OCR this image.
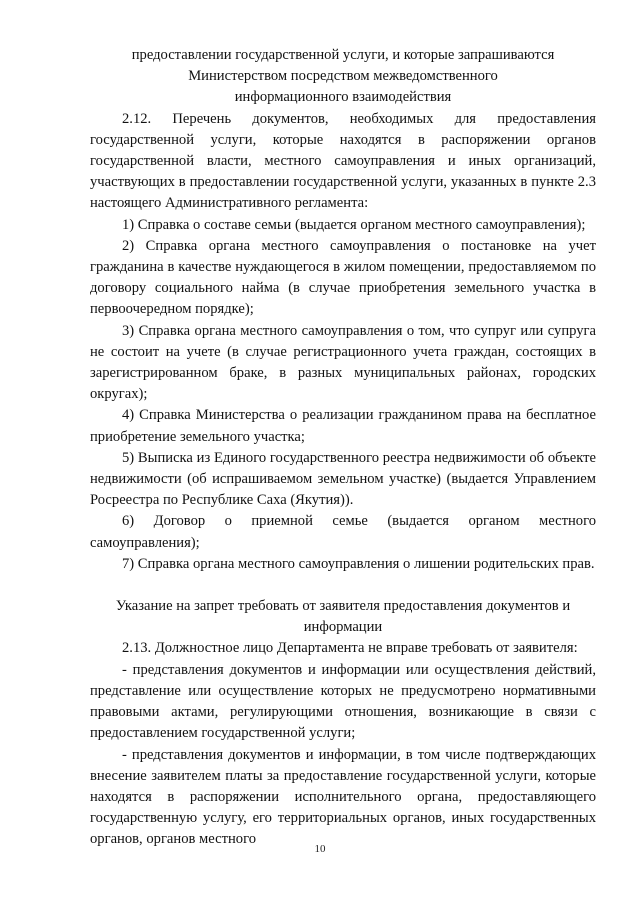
предоставлении государственной услуги, и которые запрашиваются

Министерством посредством межведомственного

информационного взаимодействия

2.12. Перечень документов, необходимых для предоставления государственной услуги, которые находятся в распоряжении органов государственной власти, местного самоуправления и иных организаций, участвующих в предоставлении государственной услуги, указанных в пункте 2.3 настоящего Административного регламента:

1) Справка о составе семьи (выдается органом местного самоуправления);

2) Справка органа местного самоуправления о постановке на учет гражданина в качестве нуждающегося в жилом помещении, предоставляемом по договору социального найма (в случае приобретения земельного участка в первоочередном порядке);

3) Справка органа местного самоуправления о том, что супруг или супруга не состоит на учете (в случае регистрационного учета граждан, состоящих в зарегистрированном браке, в разных муниципальных районах, городских округах);

4) Справка Министерства о реализации гражданином права на бесплатное приобретение земельного участка;

5) Выписка из Единого государственного реестра недвижимости об объекте недвижимости (об испрашиваемом земельном участке) (выдается Управлением Росреестра по Республике Саха (Якутия)).

6) Договор о приемной семье (выдается органом местного самоуправления);

7) Справка органа местного самоуправления о лишении родительских прав.

Указание на запрет требовать от заявителя предоставления документов и

информации

2.13. Должностное лицо Департамента не вправе требовать от заявителя:

- представления документов и информации или осуществления действий, представление или осуществление которых не предусмотрено нормативными правовыми актами, регулирующими отношения, возникающие в связи с предоставлением государственной услуги;

- представления документов и информации, в том числе подтверждающих внесение заявителем платы за предоставление государственной услуги, которые находятся в распоряжении исполнительного органа, предоставляющего государственную услугу, его территориальных органов, иных государственных органов, органов местного

10
